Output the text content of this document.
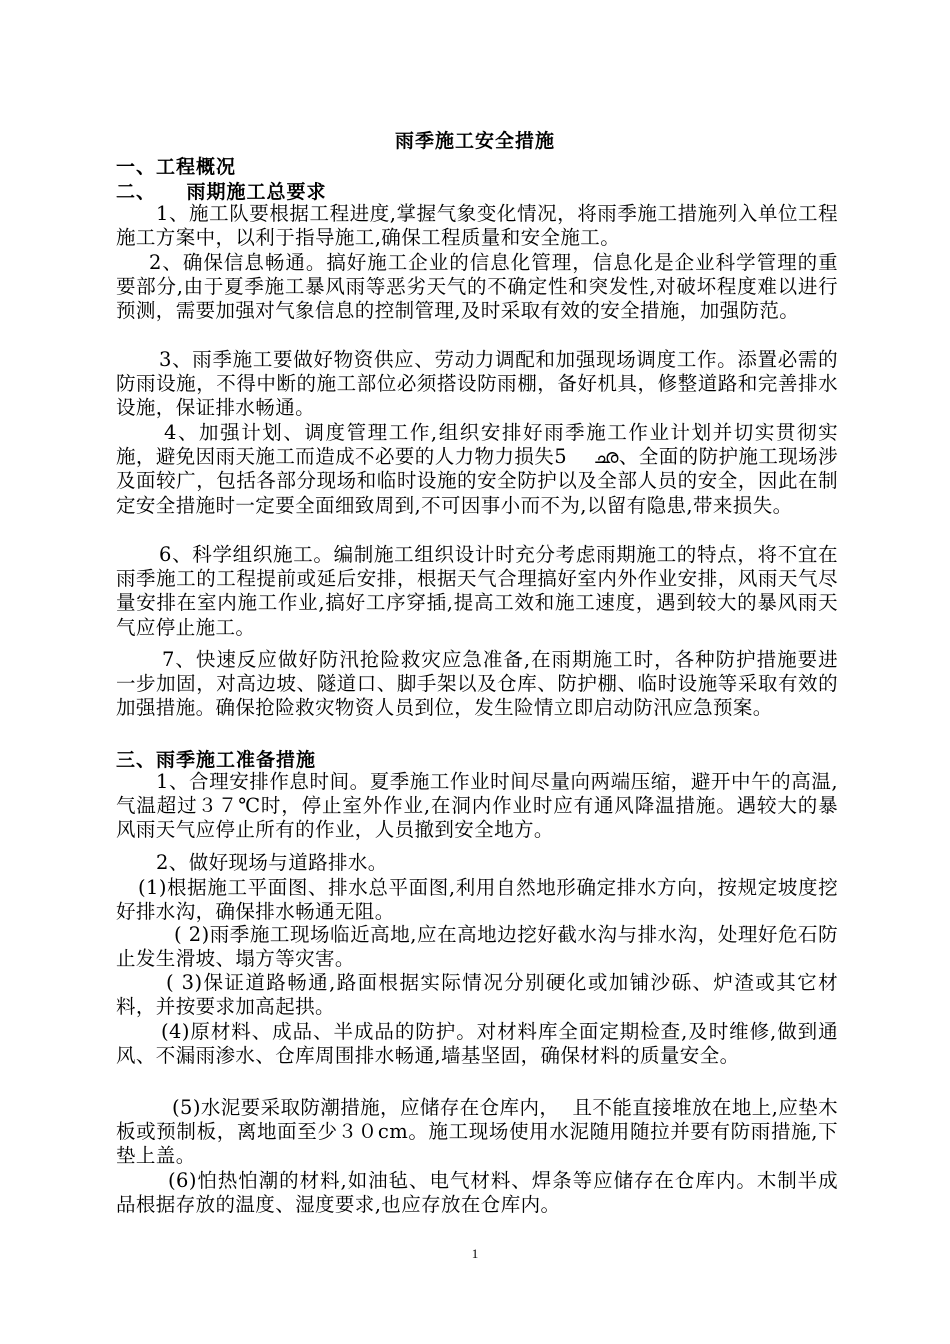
雨季施工安全措施
一、工程概况
二、    雨期施工总要求
1、施工队要根据工程进度,掌握气象变化情况，将雨季施工措施列入单位工程施工方案中，以利于指导施工,确保工程质量和安全施工。
2、确保信息畅通。搞好施工企业的信息化管理，信息化是企业科学管理的重要部分,由于夏季施工暴风雨等恶劣天气的不确定性和突发性,对破坏程度难以进行预测，需要加强对气象信息的控制管理,及时采取有效的安全措施，加强防范。
3、雨季施工要做好物资供应、劳动力调配和加强现场调度工作。添置必需的防雨设施，不得中断的施工部位必须搭设防雨棚，备好机具，修整道路和完善排水设施，保证排水畅通。
4、加强计划、调度管理工作,组织安排好雨季施工作业计划并切实贯彻实施，避免因雨天施工而造成不必要的人力物力损失5    ഛ、全面的防护施工现场涉及面较广，包括各部分现场和临时设施的安全防护以及全部人员的安全，因此在制定安全措施时一定要全面细致周到,不可因事小而不为,以留有隐患,带来损失。
6、科学组织施工。编制施工组织设计时充分考虑雨期施工的特点，将不宜在雨季施工的工程提前或延后安排，根据天气合理搞好室内外作业安排，风雨天气尽量安排在室内施工作业,搞好工序穿插,提高工效和施工速度，遇到较大的暴风雨天气应停止施工。
7、快速反应做好防汛抢险救灾应急准备,在雨期施工时，各种防护措施要进一步加固，对高边坡、隧道口、脚手架以及仓库、防护棚、临时设施等采取有效的加强措施。确保抢险救灾物资人员到位，发生险情立即启动防汛应急预案。
三、雨季施工准备措施
1、合理安排作息时间。夏季施工作业时间尽量向两端压缩，避开中午的高温,气温超过３７℃时，停止室外作业,在洞内作业时应有通风降温措施。遇较大的暴风雨天气应停止所有的作业，人员撤到安全地方。
2、做好现场与道路排水。
(1)根据施工平面图、排水总平面图,利用自然地形确定排水方向，按规定坡度挖好排水沟，确保排水畅通无阻。
( 2)雨季施工现场临近高地,应在高地边挖好截水沟与排水沟，处理好危石防止发生滑坡、塌方等灾害。
( 3)保证道路畅通,路面根据实际情况分别硬化或加铺沙砾、炉渣或其它材料，并按要求加高起拱。
(4)原材料、成品、半成品的防护。对材料库全面定期检查,及时维修,做到通风、不漏雨渗水、仓库周围排水畅通,墙基坚固，确保材料的质量安全。
(5)水泥要采取防潮措施，应储存在仓库内，  且不能直接堆放在地上,应垫木板或预制板，离地面至少３０cm。施工现场使用水泥随用随拉并要有防雨措施,下垫上盖。
(6)怕热怕潮的材料,如油毡、电气材料、焊条等应储存在仓库内。木制半成品根据存放的温度、湿度要求,也应存放在仓库内。
1
